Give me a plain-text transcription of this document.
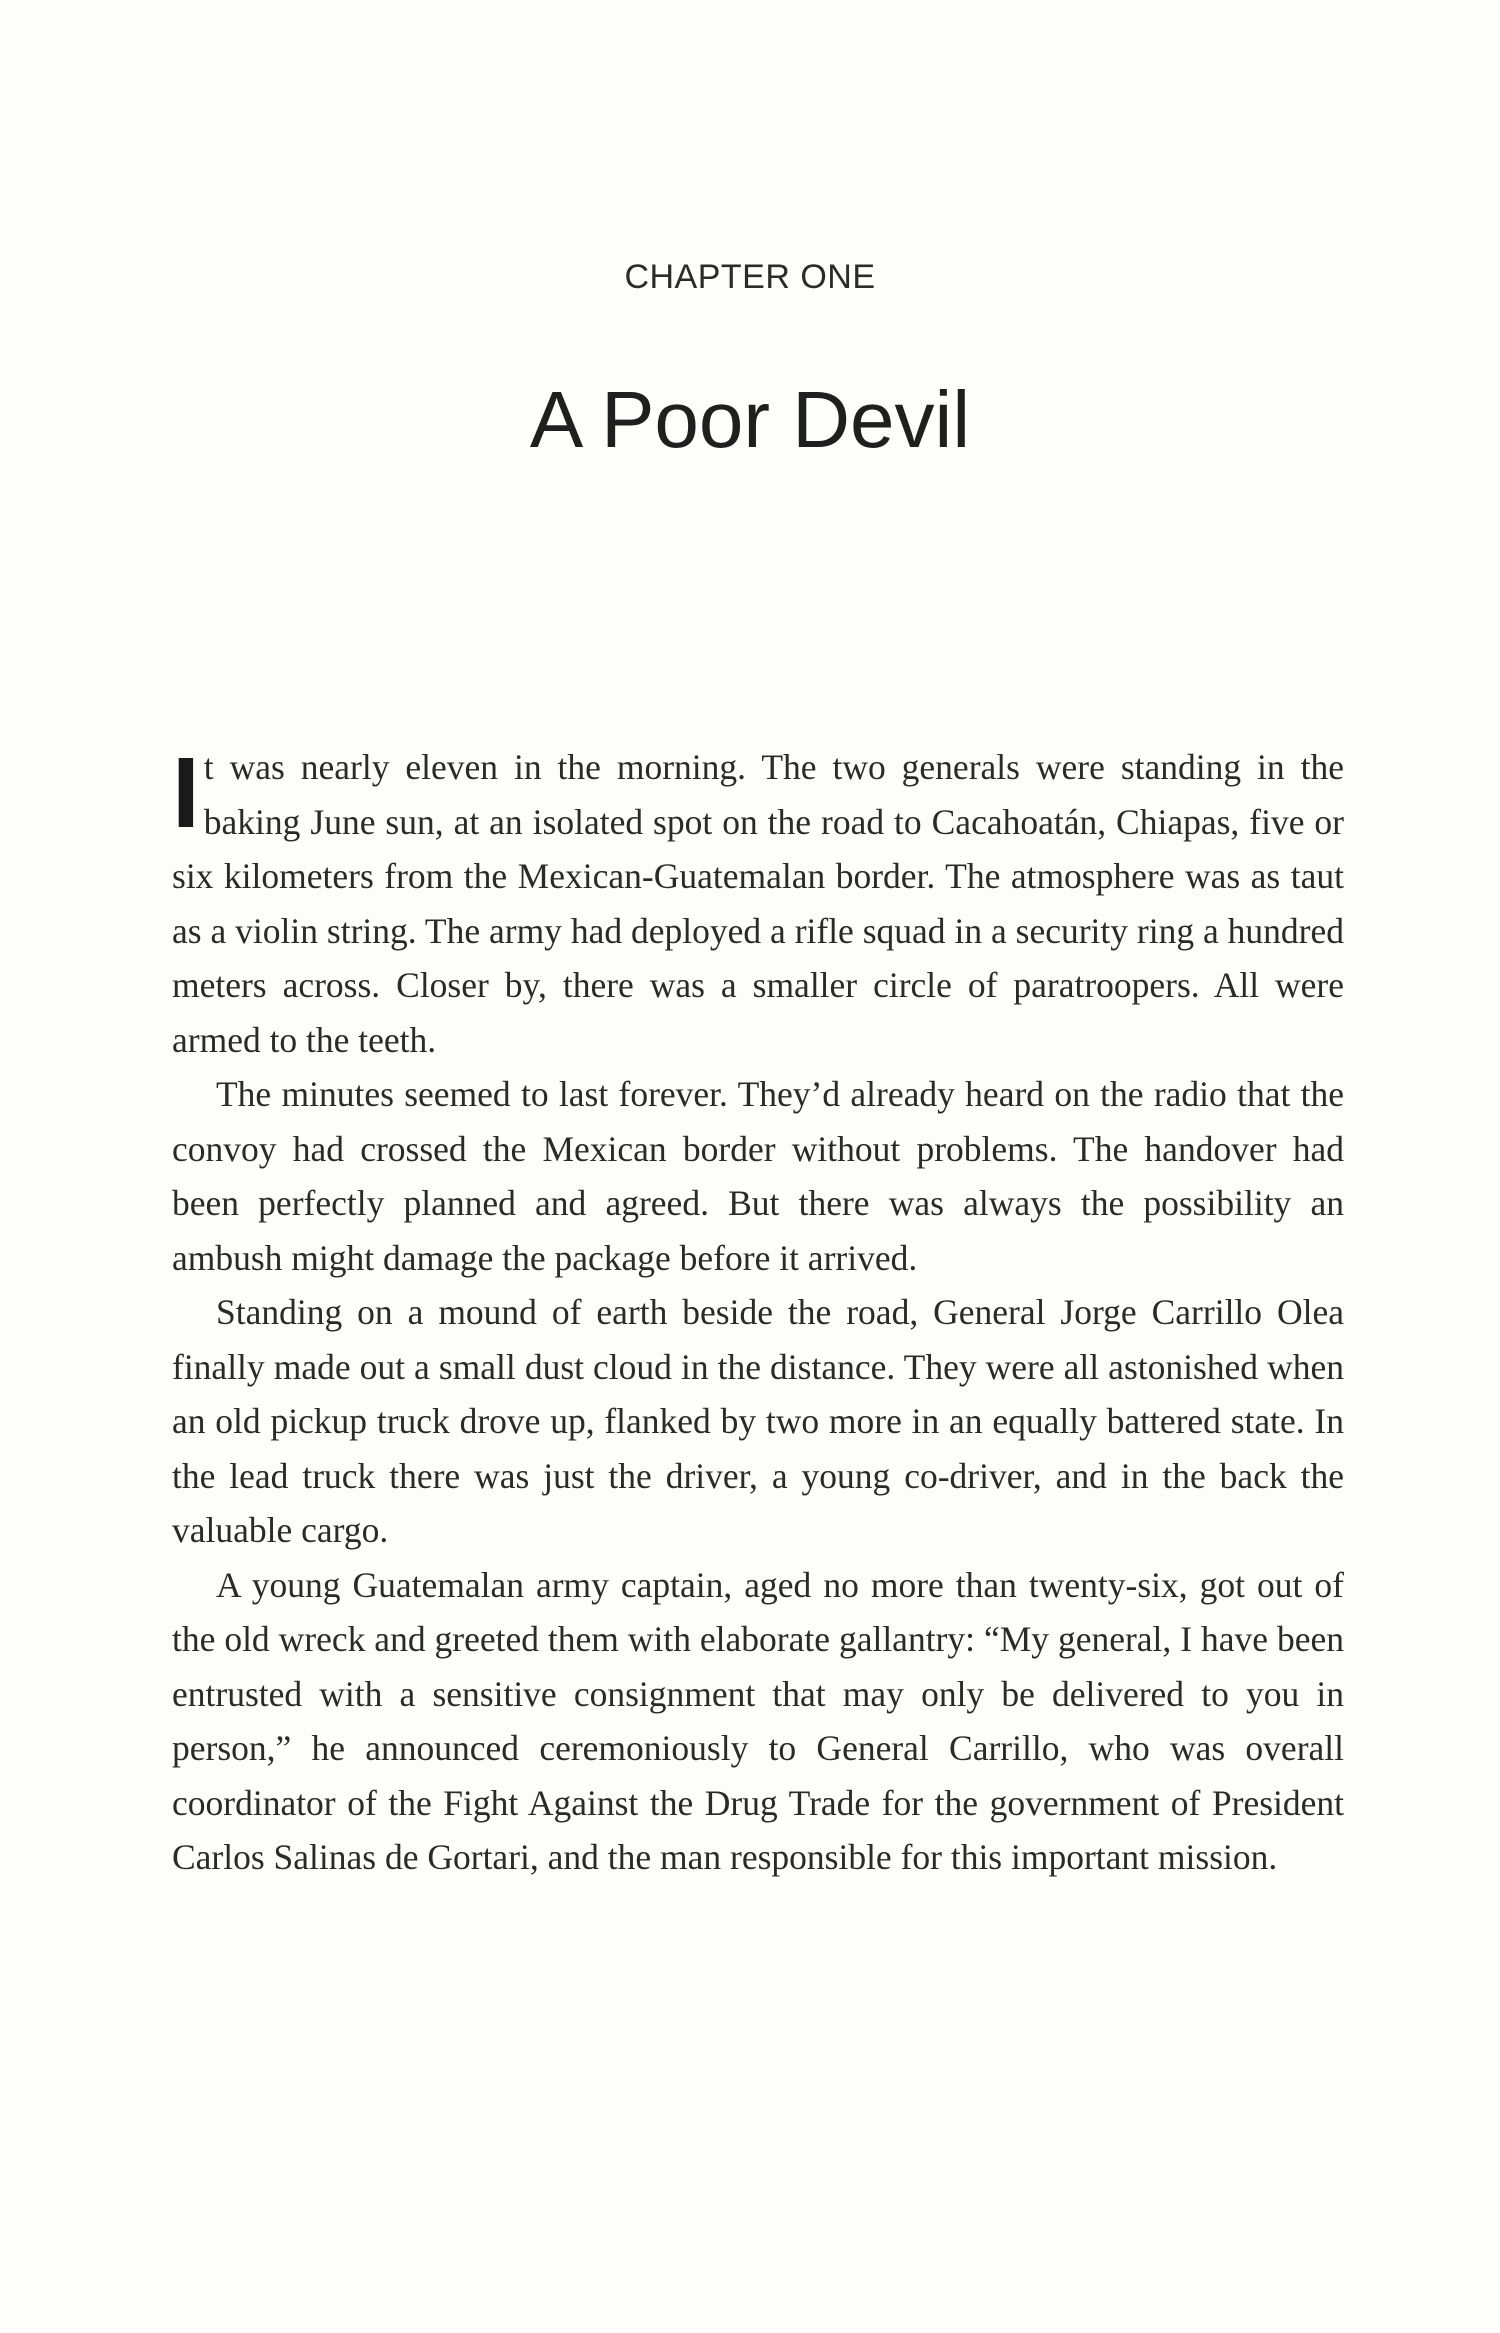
CHAPTER ONE
A Poor Devil

It was nearly eleven in the morning. The two generals were standing in the baking June sun, at an isolated spot on the road to Cacahoatán, Chiapas, five or six kilometers from the Mexican-Guatemalan border. The atmosphere was as taut as a violin string. The army had deployed a rifle squad in a security ring a hundred meters across. Closer by, there was a smaller circle of paratroopers. All were armed to the teeth.

The minutes seemed to last forever. They’d already heard on the radio that the convoy had crossed the Mexican border without problems. The handover had been perfectly planned and agreed. But there was always the possibility an ambush might damage the package before it arrived.

Standing on a mound of earth beside the road, General Jorge Carrillo Olea finally made out a small dust cloud in the distance. They were all astonished when an old pickup truck drove up, flanked by two more in an equally battered state. In the lead truck there was just the driver, a young co-driver, and in the back the valuable cargo.

A young Guatemalan army captain, aged no more than twenty-six, got out of the old wreck and greeted them with elaborate gallantry: “My general, I have been entrusted with a sensitive consignment that may only be delivered to you in person,” he announced ceremoniously to General Carrillo, who was overall coordinator of the Fight Against the Drug Trade for the government of President Carlos Salinas de Gortari, and the man responsible for this important mission.
